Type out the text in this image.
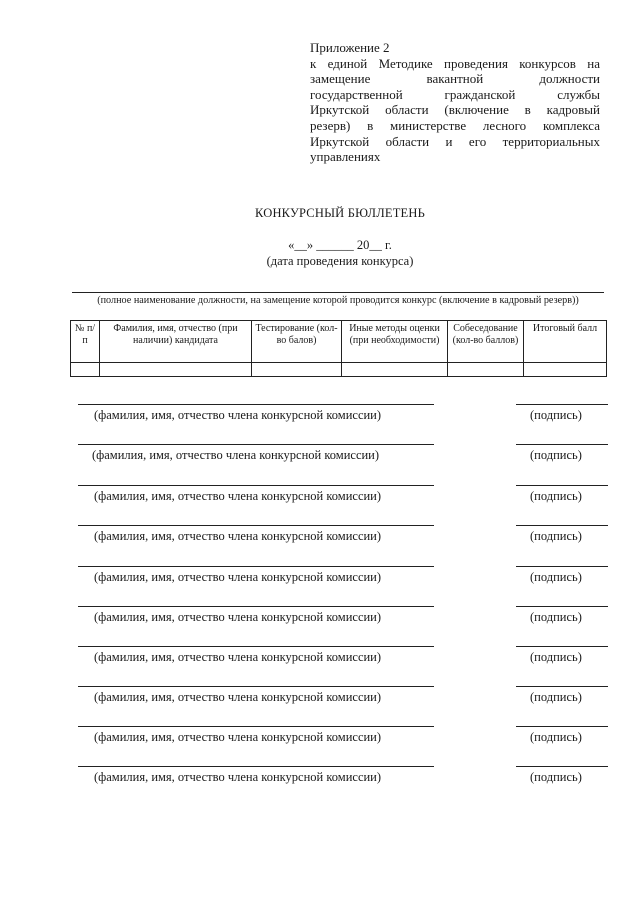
Приложение 2
к единой Методике проведения конкурсов на
замещение вакантной должности
государственной гражданской службы
Иркутской области (включение в кадровый
резерв) в министерстве лесного комплекса
Иркутской области и его территориальных
управлениях
КОНКУРСНЫЙ БЮЛЛЕТЕНЬ
«__» ______ 20__ г.
(дата проведения конкурса)
(полное наименование должности, на замещение которой проводится конкурс (включение в кадровый резерв))
№ п/п	Фамилия, имя, отчество (при наличии) кандидата	Тестирование (кол-во балов)	Иные методы оценки (при необходимости)	Собеседование (кол-во баллов)	Итоговый балл

(фамилия, имя, отчество члена конкурсной комиссии)	(подпись)
(фамилия, имя, отчество члена конкурсной комиссии)	(подпись)
(фамилия, имя, отчество члена конкурсной комиссии)	(подпись)
(фамилия, имя, отчество члена конкурсной комиссии)	(подпись)
(фамилия, имя, отчество члена конкурсной комиссии)	(подпись)
(фамилия, имя, отчество члена конкурсной комиссии)	(подпись)
(фамилия, имя, отчество члена конкурсной комиссии)	(подпись)
(фамилия, имя, отчество члена конкурсной комиссии)	(подпись)
(фамилия, имя, отчество члена конкурсной комиссии)	(подпись)
(фамилия, имя, отчество члена конкурсной комиссии)	(подпись)
